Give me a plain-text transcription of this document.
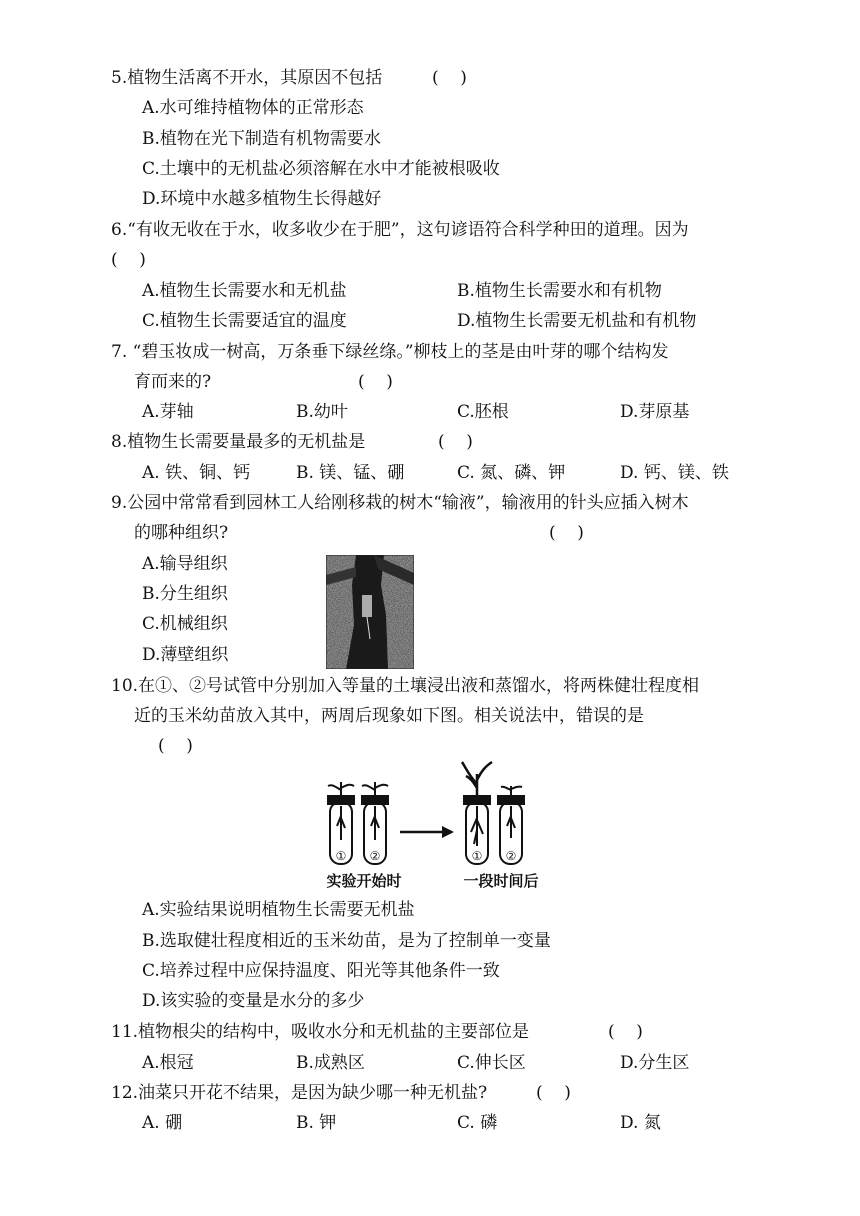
5.植物生活离不开水，其原因不包括	(    )
A.水可维持植物体的正常形态
B.植物在光下制造有机物需要水
C.土壤中的无机盐必须溶解在水中才能被根吸收
D.环境中水越多植物生长得越好
6.“有收无收在于水，收多收少在于肥”，这句谚语符合科学种田的道理。因为
(    )
A.植物生长需要水和无机盐	B.植物生长需要水和有机物
C.植物生长需要适宜的温度	D.植物生长需要无机盐和有机物
7. “碧玉妆成一树高，万条垂下绿丝绦。”柳枝上的茎是由叶芽的哪个结构发
育而来的?	(    )
A.芽轴	B.幼叶	C.胚根	D.芽原基
8.植物生长需要量最多的无机盐是	(    )
A. 铁、铜、钙	B. 镁、锰、硼	C. 氮、磷、钾	D. 钙、镁、铁
9.公园中常常看到园林工人给刚移栽的树木“输液”，输液用的针头应插入树木
的哪种组织?	(    )
A.输导组织
B.分生组织
C.机械组织
D.薄壁组织
10.在①、②号试管中分别加入等量的土壤浸出液和蒸馏水，将两株健壮程度相
近的玉米幼苗放入其中，两周后现象如下图。相关说法中，错误的是
(    )
① ②	① ②
实验开始时	一段时间后
A.实验结果说明植物生长需要无机盐
B.选取健壮程度相近的玉米幼苗，是为了控制单一变量
C.培养过程中应保持温度、阳光等其他条件一致
D.该实验的变量是水分的多少
11.植物根尖的结构中，吸收水分和无机盐的主要部位是	(    )
A.根冠	B.成熟区	C.伸长区	D.分生区
12.油菜只开花不结果，是因为缺少哪一种无机盐?	(    )
A. 硼	B. 钾	C. 磷	D. 氮
